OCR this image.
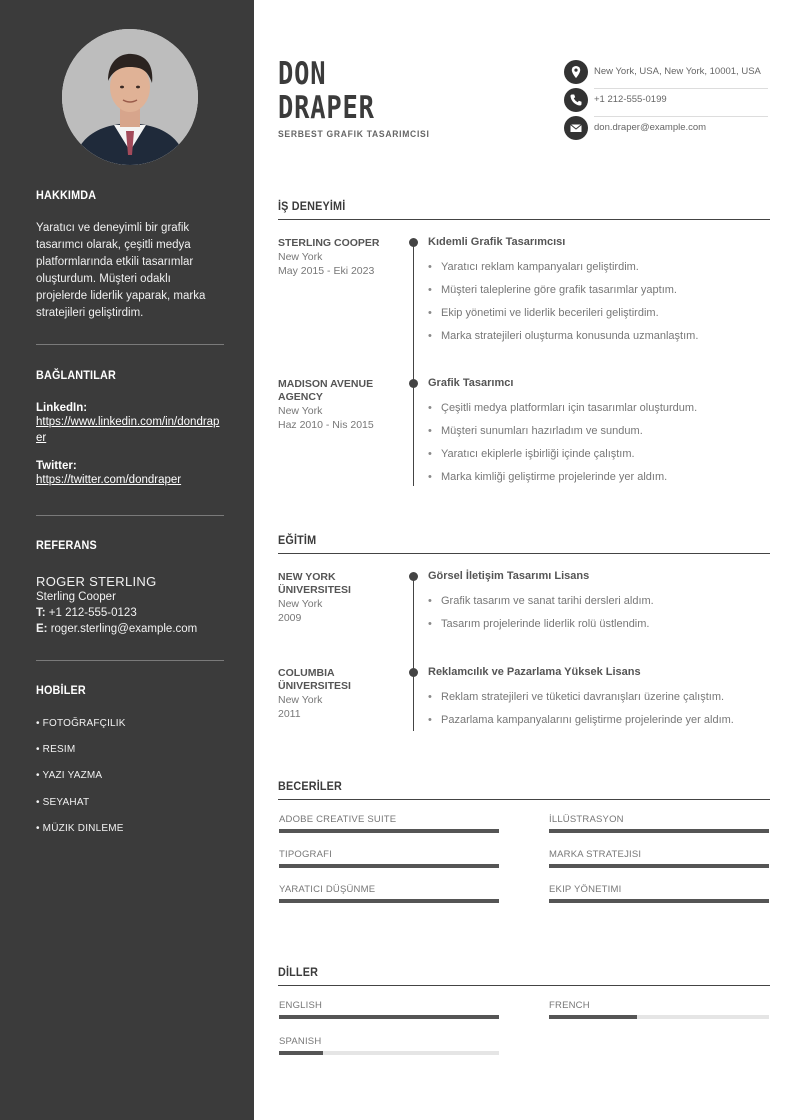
HAKKIMDA
Yaratıcı ve deneyimli bir grafik tasarımcı olarak, çeşitli medya platformlarında etkili tasarımlar oluşturdum. Müşteri odaklı projelerde liderlik yaparak, marka stratejileri geliştirdim.
BAĞLANTILAR
LinkedIn:
https://www.linkedin.com/in/dondraper
Twitter:
https://twitter.com/dondraper
REFERANS
ROGER STERLING
Sterling Cooper
T: +1 212-555-0123
E: roger.sterling@example.com
HOBİLER
• FOTOĞRAFÇILIK
• RESIM
• YAZI YAZMA
• SEYAHAT
• MÜZIK DINLEME
DON
DRAPER
SERBEST GRAFIK TASARIMCISI
New York, USA, New York, 10001, USA
+1 212-555-0199
don.draper@example.com
İŞ DENEYİMİ
STERLING COOPER
New York
May 2015 - Eki 2023
Kıdemli Grafik Tasarımcısı
• Yaratıcı reklam kampanyaları geliştirdim.
• Müşteri taleplerine göre grafik tasarımlar yaptım.
• Ekip yönetimi ve liderlik becerileri geliştirdim.
• Marka stratejileri oluşturma konusunda uzmanlaştım.
MADISON AVENUE AGENCY
New York
Haz 2010 - Nis 2015
Grafik Tasarımcı
• Çeşitli medya platformları için tasarımlar oluşturdum.
• Müşteri sunumları hazırladım ve sundum.
• Yaratıcı ekiplerle işbirliği içinde çalıştım.
• Marka kimliği geliştirme projelerinde yer aldım.
EĞİTİM
NEW YORK ÜNIVERSITESI
New York
2009
Görsel İletişim Tasarımı Lisans
• Grafik tasarım ve sanat tarihi dersleri aldım.
• Tasarım projelerinde liderlik rolü üstlendim.
COLUMBIA ÜNIVERSITESI
New York
2011
Reklamcılık ve Pazarlama Yüksek Lisans
• Reklam stratejileri ve tüketici davranışları üzerine çalıştım.
• Pazarlama kampanyalarını geliştirme projelerinde yer aldım.
BECERİLER
ADOBE CREATIVE SUITE	İLLÜSTRASYON
TIPOGRAFI	MARKA STRATEJISI
YARATICI DÜŞÜNME	EKIP YÖNETIMI
DİLLER
ENGLISH	FRENCH
SPANISH
